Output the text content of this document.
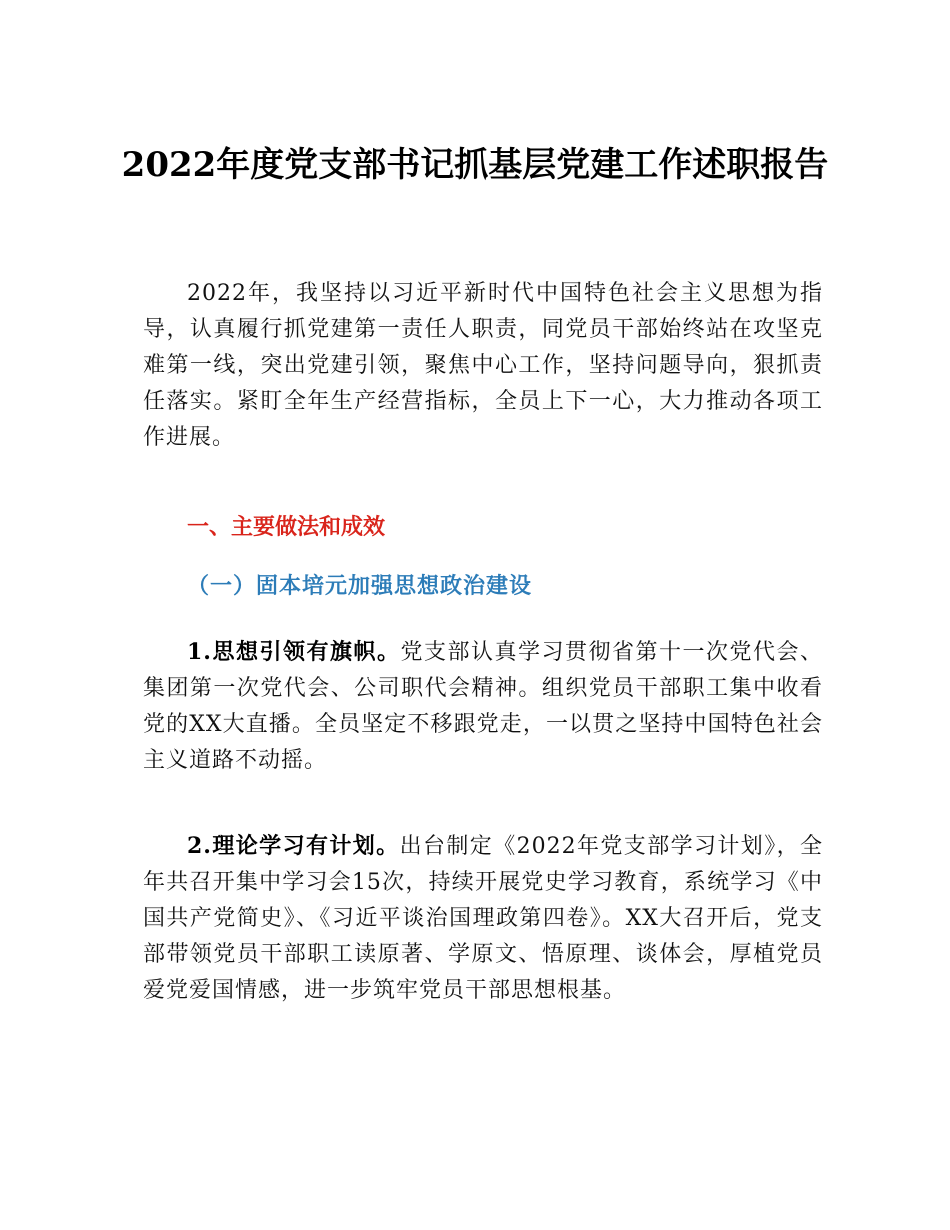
2022年度党支部书记抓基层党建工作述职报告

2022年，我坚持以习近平新时代中国特色社会主义思想为指导，认真履行抓党建第一责任人职责，同党员干部始终站在攻坚克难第一线，突出党建引领，聚焦中心工作，坚持问题导向，狠抓责任落实。紧盯全年生产经营指标，全员上下一心，大力推动各项工作进展。

一、主要做法和成效
（一）固本培元加强思想政治建设

1.思想引领有旗帜。党支部认真学习贯彻省第十一次党代会、集团第一次党代会、公司职代会精神。组织党员干部职工集中收看党的XX大直播。全员坚定不移跟党走，一以贯之坚持中国特色社会主义道路不动摇。

2.理论学习有计划。出台制定《2022年党支部学习计划》，全年共召开集中学习会15次，持续开展党史学习教育，系统学习《中国共产党简史》、《习近平谈治国理政第四卷》。XX大召开后，党支部带领党员干部职工读原著、学原文、悟原理、谈体会，厚植党员爱党爱国情感，进一步筑牢党员干部思想根基。
